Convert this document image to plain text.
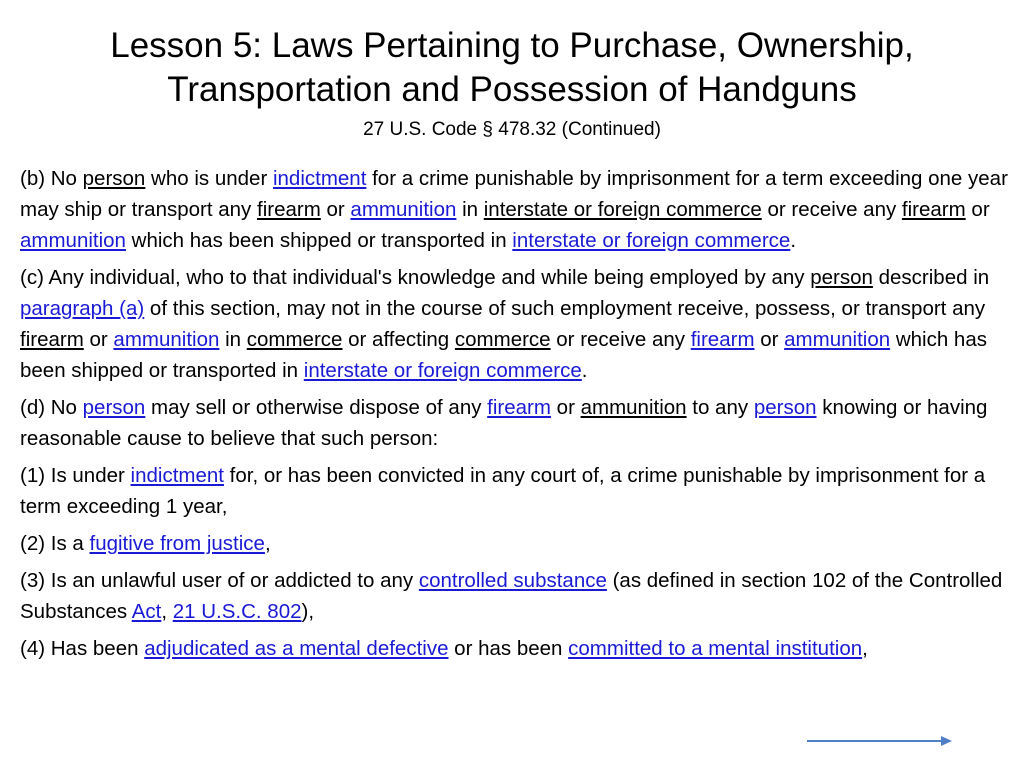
Lesson 5: Laws Pertaining to Purchase, Ownership,
Transportation and Possession of Handguns
27 U.S. Code § 478.32 (Continued)

(b) No person who is under indictment for a crime punishable by imprisonment for a term exceeding one year may ship or transport any firearm or ammunition in interstate or foreign commerce or receive any firearm or ammunition which has been shipped or transported in interstate or foreign commerce.

(c) Any individual, who to that individual's knowledge and while being employed by any person described in paragraph (a) of this section, may not in the course of such employment receive, possess, or transport any firearm or ammunition in commerce or affecting commerce or receive any firearm or ammunition which has been shipped or transported in interstate or foreign commerce.

(d) No person may sell or otherwise dispose of any firearm or ammunition to any person knowing or having reasonable cause to believe that such person:

(1) Is under indictment for, or has been convicted in any court of, a crime punishable by imprisonment for a term exceeding 1 year,

(2) Is a fugitive from justice,

(3) Is an unlawful user of or addicted to any controlled substance (as defined in section 102 of the Controlled Substances Act, 21 U.S.C. 802),

(4) Has been adjudicated as a mental defective or has been committed to a mental institution,
